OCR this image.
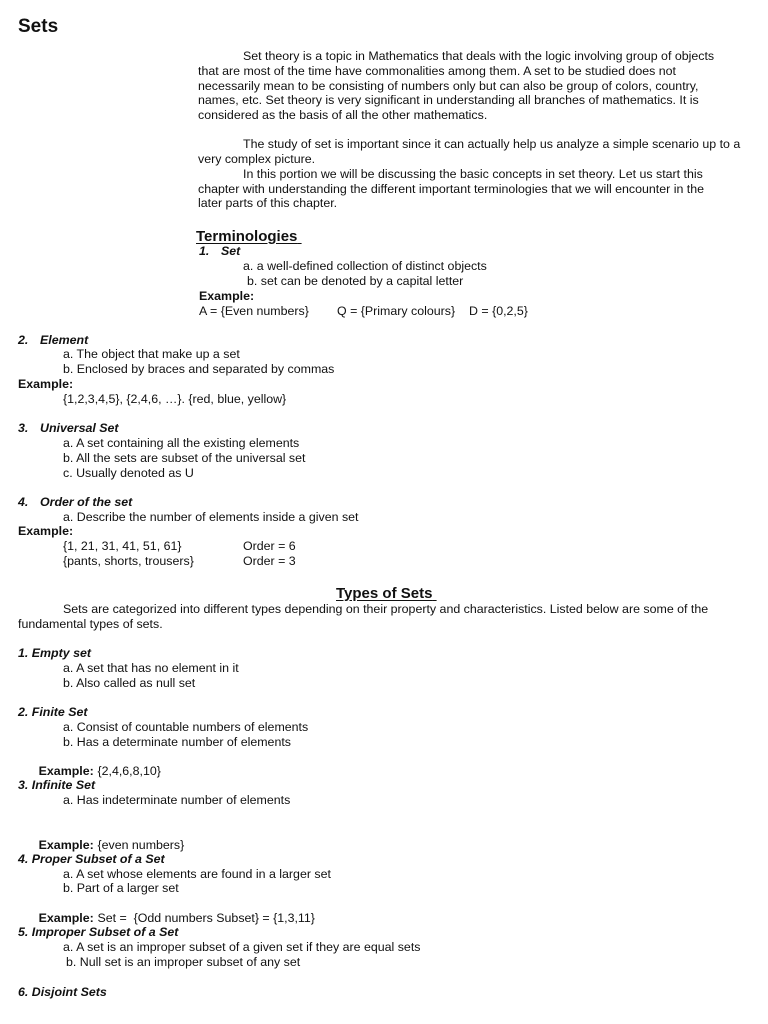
Sets
Set theory is a topic in Mathematics that deals with the logic involving group of objects
that are most of the time have commonalities among them. A set to be studied does not
necessarily mean to be consisting of numbers only but can also be group of colors, country,
names, etc. Set theory is very significant in understanding all branches of mathematics. It is
considered as the basis of all the other mathematics.
The study of set is important since it can actually help us analyze a simple scenario up to a
very complex picture.
In this portion we will be discussing the basic concepts in set theory. Let us start this
chapter with understanding the different important terminologies that we will encounter in the
later parts of this chapter.
Terminologies
1. Set
a. a well-defined collection of distinct objects
b. set can be denoted by a capital letter
Example:
A = {Even numbers} Q = {Primary colours} D = {0,2,5}
2. Element
a. The object that make up a set
b. Enclosed by braces and separated by commas
Example:
{1,2,3,4,5}, {2,4,6, …}. {red, blue, yellow}
3. Universal Set
a. A set containing all the existing elements
b. All the sets are subset of the universal set
c. Usually denoted as U
4. Order of the set
a. Describe the number of elements inside a given set
Example:
{1, 21, 31, 41, 51, 61}	Order = 6
{pants, shorts, trousers}	Order = 3
Types of Sets
Sets are categorized into different types depending on their property and characteristics. Listed below are some of the
fundamental types of sets.
1. Empty set
a. A set that has no element in it
b. Also called as null set
2. Finite Set
a. Consist of countable numbers of elements
b. Has a determinate number of elements

Example: {2,4,6,8,10}

3. Infinite Set
a. Has indeterminate number of elements

Example: {even numbers}

4. Proper Subset of a Set
a. A set whose elements are found in a larger set
b. Part of a larger set

Example: Set =  {Odd numbers Subset} = {1,3,11}

5. Improper Subset of a Set
a. A set is an improper subset of a given set if they are equal sets
b. Null set is an improper subset of any set
6. Disjoint Sets
